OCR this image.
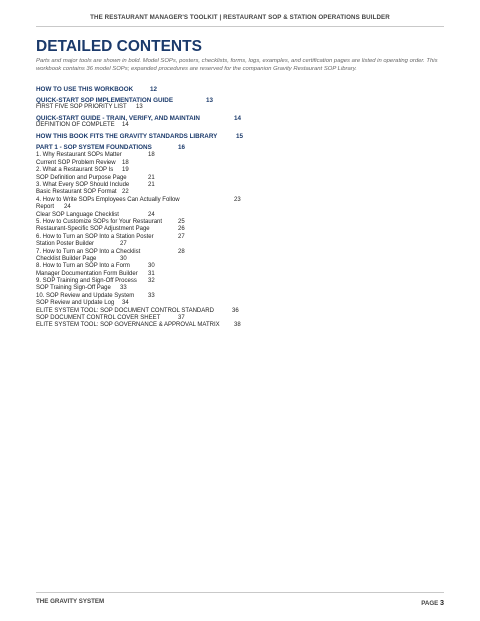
THE RESTAURANT MANAGER'S TOOLKIT | RESTAURANT SOP & STATION OPERATIONS BUILDER
DETAILED CONTENTS

Parts and major tools are shown in bold. Model SOPs, posters, checklists, forms, logs, examples, and certification pages are listed in operating order. This workbook contains 36 model SOPs; expanded procedures are reserved for the companion Gravity Restaurant SOP Library.

HOW TO USE THIS WORKBOOK	12
QUICK-START SOP IMPLEMENTATION GUIDE	13
FIRST FIVE SOP PRIORITY LIST 13
QUICK-START GUIDE - TRAIN, VERIFY, AND MAINTAIN	14
DEFINITION OF COMPLETE 14
HOW THIS BOOK FITS THE GRAVITY STANDARDS LIBRARY	15
PART 1 - SOP SYSTEM FOUNDATIONS	16
1. Why Restaurant SOPs Matter	18
Current SOP Problem Review 18
2. What a Restaurant SOP Is 19
SOP Definition and Purpose Page	21
3. What Every SOP Should Include	21
Basic Restaurant SOP Format 22
4. How to Write SOPs Employees Can Actually Follow	23
Report 24
Clear SOP Language Checklist	24
5. How to Customize SOPs for Your Restaurant	25
Restaurant-Specific SOP Adjustment Page	26
6. How to Turn an SOP Into a Station Poster	27
Station Poster Builder	27
7. How to Turn an SOP Into a Checklist	28
Checklist Builder Page	30
8. How to Turn an SOP Into a Form	30
Manager Documentation Form Builder 31
9. SOP Training and Sign-Off Process 32
SOP Training Sign-Off Page 33
10. SOP Review and Update System 33
SOP Review and Update Log 34
ELITE SYSTEM TOOL: SOP DOCUMENT CONTROL STANDARD	36
SOP DOCUMENT CONTROL COVER SHEET	37
ELITE SYSTEM TOOL: SOP GOVERNANCE & APPROVAL MATRIX 38
THE GRAVITY SYSTEM	PAGE 3
